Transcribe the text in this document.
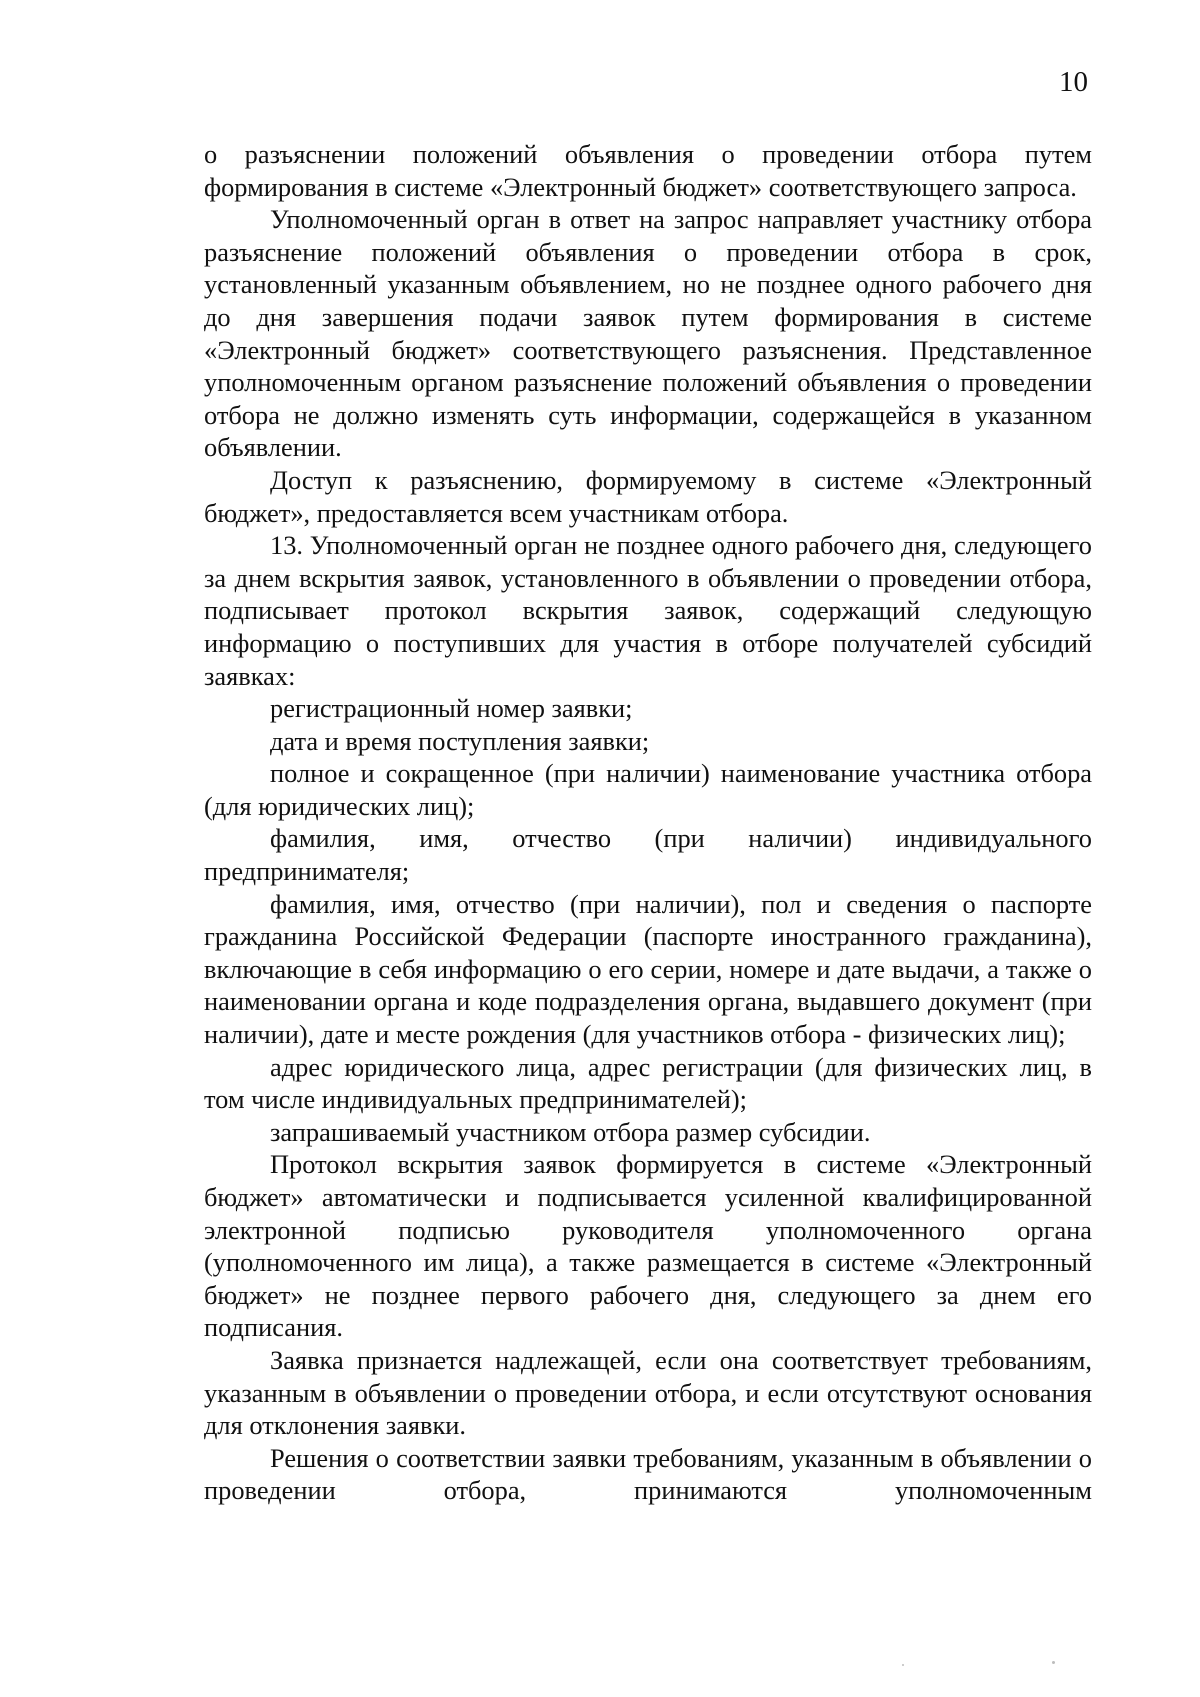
10

о разъяснении положений объявления о проведении отбора путем формирования в системе «Электронный бюджет» соответствующего запроса.

Уполномоченный орган в ответ на запрос направляет участнику отбора разъяснение положений объявления о проведении отбора в срок, установленный указанным объявлением, но не позднее одного рабочего дня до дня завершения подачи заявок путем формирования в системе «Электронный бюджет» соответствующего разъяснения. Представленное уполномоченным органом разъяснение положений объявления о проведении отбора не должно изменять суть информации, содержащейся в указанном объявлении.

Доступ к разъяснению, формируемому в системе «Электронный бюджет», предоставляется всем участникам отбора.

13. Уполномоченный орган не позднее одного рабочего дня, следующего за днем вскрытия заявок, установленного в объявлении о проведении отбора, подписывает протокол вскрытия заявок, содержащий следующую информацию о поступивших для участия в отборе получателей субсидий заявках:

регистрационный номер заявки;

дата и время поступления заявки;

полное и сокращенное (при наличии) наименование участника отбора (для юридических лиц);

фамилия, имя, отчество (при наличии) индивидуального предпринимателя;

фамилия, имя, отчество (при наличии), пол и сведения о паспорте гражданина Российской Федерации (паспорте иностранного гражданина), включающие в себя информацию о его серии, номере и дате выдачи, а также о наименовании органа и коде подразделения органа, выдавшего документ (при наличии), дате и месте рождения (для участников отбора - физических лиц);

адрес юридического лица, адрес регистрации (для физических лиц, в том числе индивидуальных предпринимателей);

запрашиваемый участником отбора размер субсидии.

Протокол вскрытия заявок формируется в системе «Электронный бюджет» автоматически и подписывается усиленной квалифицированной электронной подписью руководителя уполномоченного органа (уполномоченного им лица), а также размещается в системе «Электронный бюджет» не позднее первого рабочего дня, следующего за днем его подписания.

Заявка признается надлежащей, если она соответствует требованиям, указанным в объявлении о проведении отбора, и если отсутствуют основания для отклонения заявки.

Решения о соответствии заявки требованиям, указанным в объявлении о проведении отбора, принимаются уполномоченным
